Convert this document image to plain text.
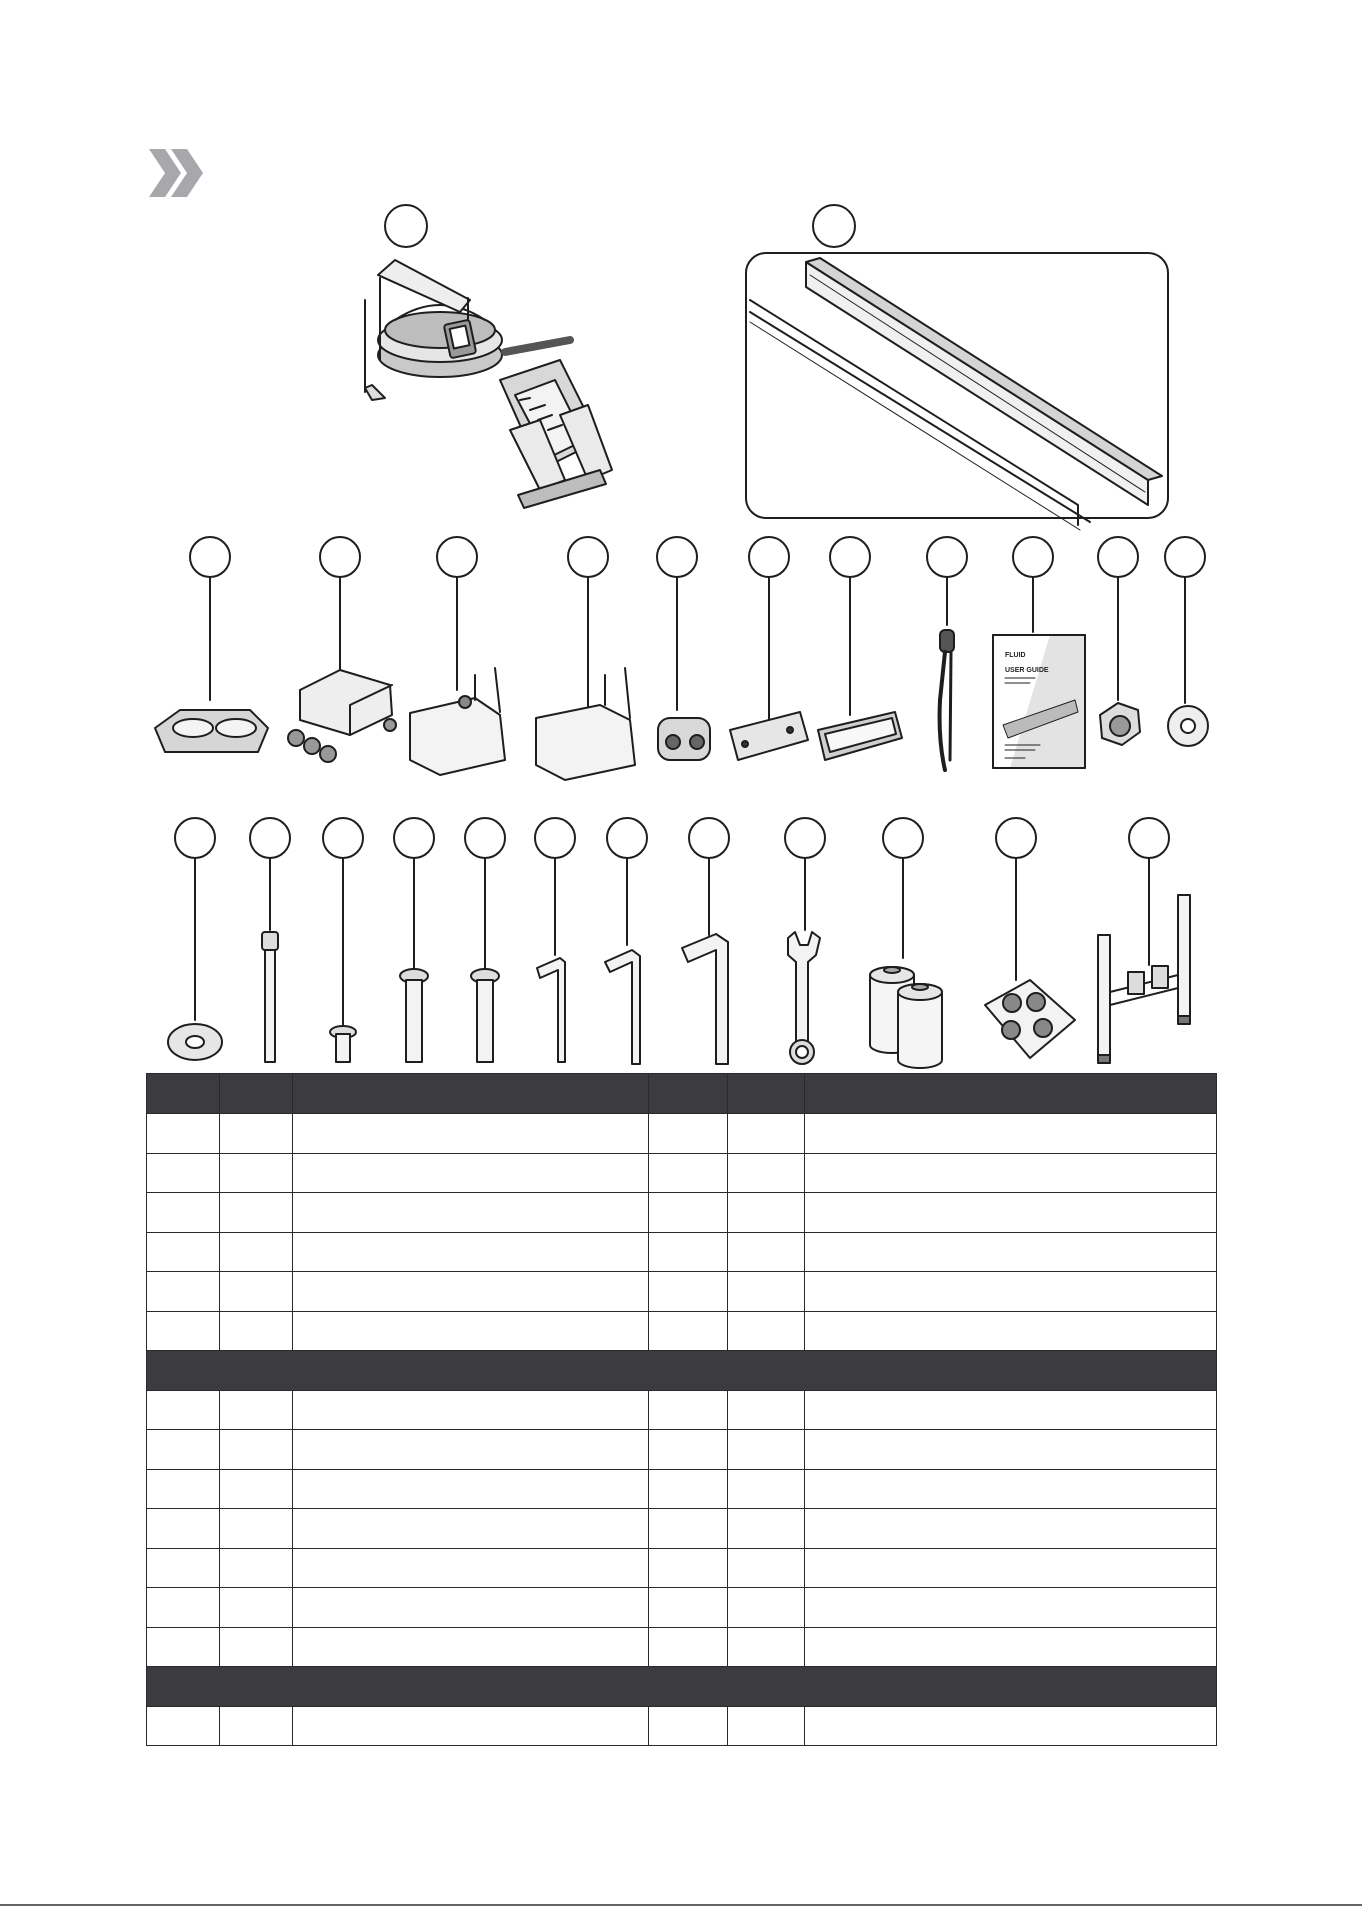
FLUID
USER GUIDE
